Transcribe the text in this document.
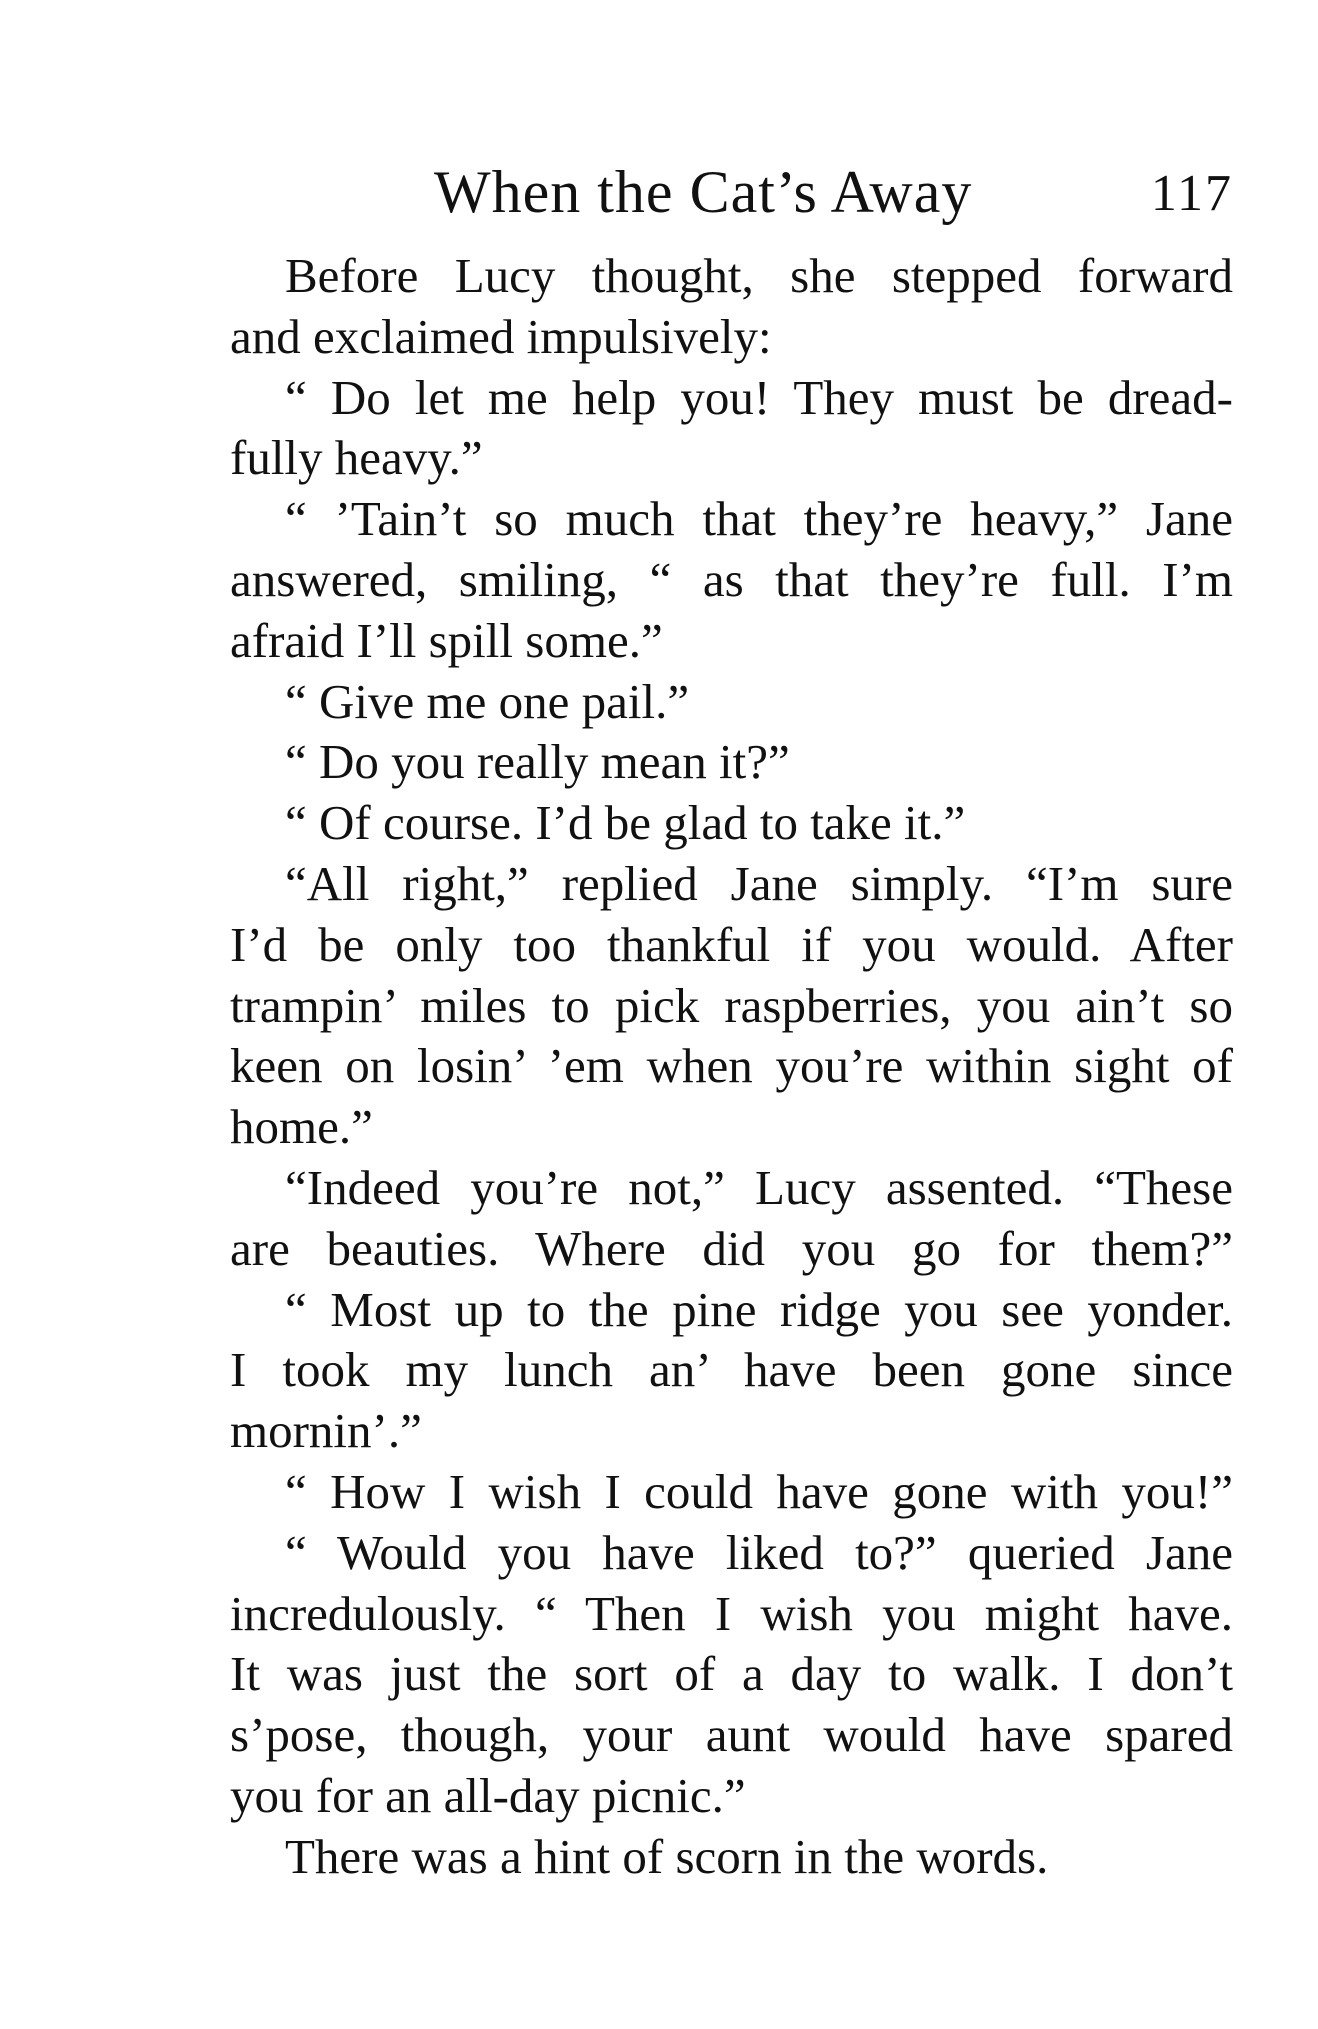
When the Cat’s Away	117
Before Lucy thought, she stepped forward
and exclaimed impulsively:
“ Do let me help you! They must be dread-
fully heavy.”
“ ’Tain’t so much that they’re heavy,” Jane
answered, smiling, “ as that they’re full. I’m
afraid I’ll spill some.”
“ Give me one pail.”
“ Do you really mean it?”
“ Of course. I’d be glad to take it.”
“All right,” replied Jane simply. “I’m sure
I’d be only too thankful if you would. After
trampin’ miles to pick raspberries, you ain’t so
keen on losin’ ’em when you’re within sight of
home.”
“Indeed you’re not,” Lucy assented. “These
are beauties. Where did you go for them?”
“ Most up to the pine ridge you see yonder.
I took my lunch an’ have been gone since
mornin’.”
“ How I wish I could have gone with you!”
“ Would you have liked to?” queried Jane
incredulously. “ Then I wish you might have.
It was just the sort of a day to walk. I don’t
s’pose, though, your aunt would have spared
you for an all-day picnic.”
There was a hint of scorn in the words.
